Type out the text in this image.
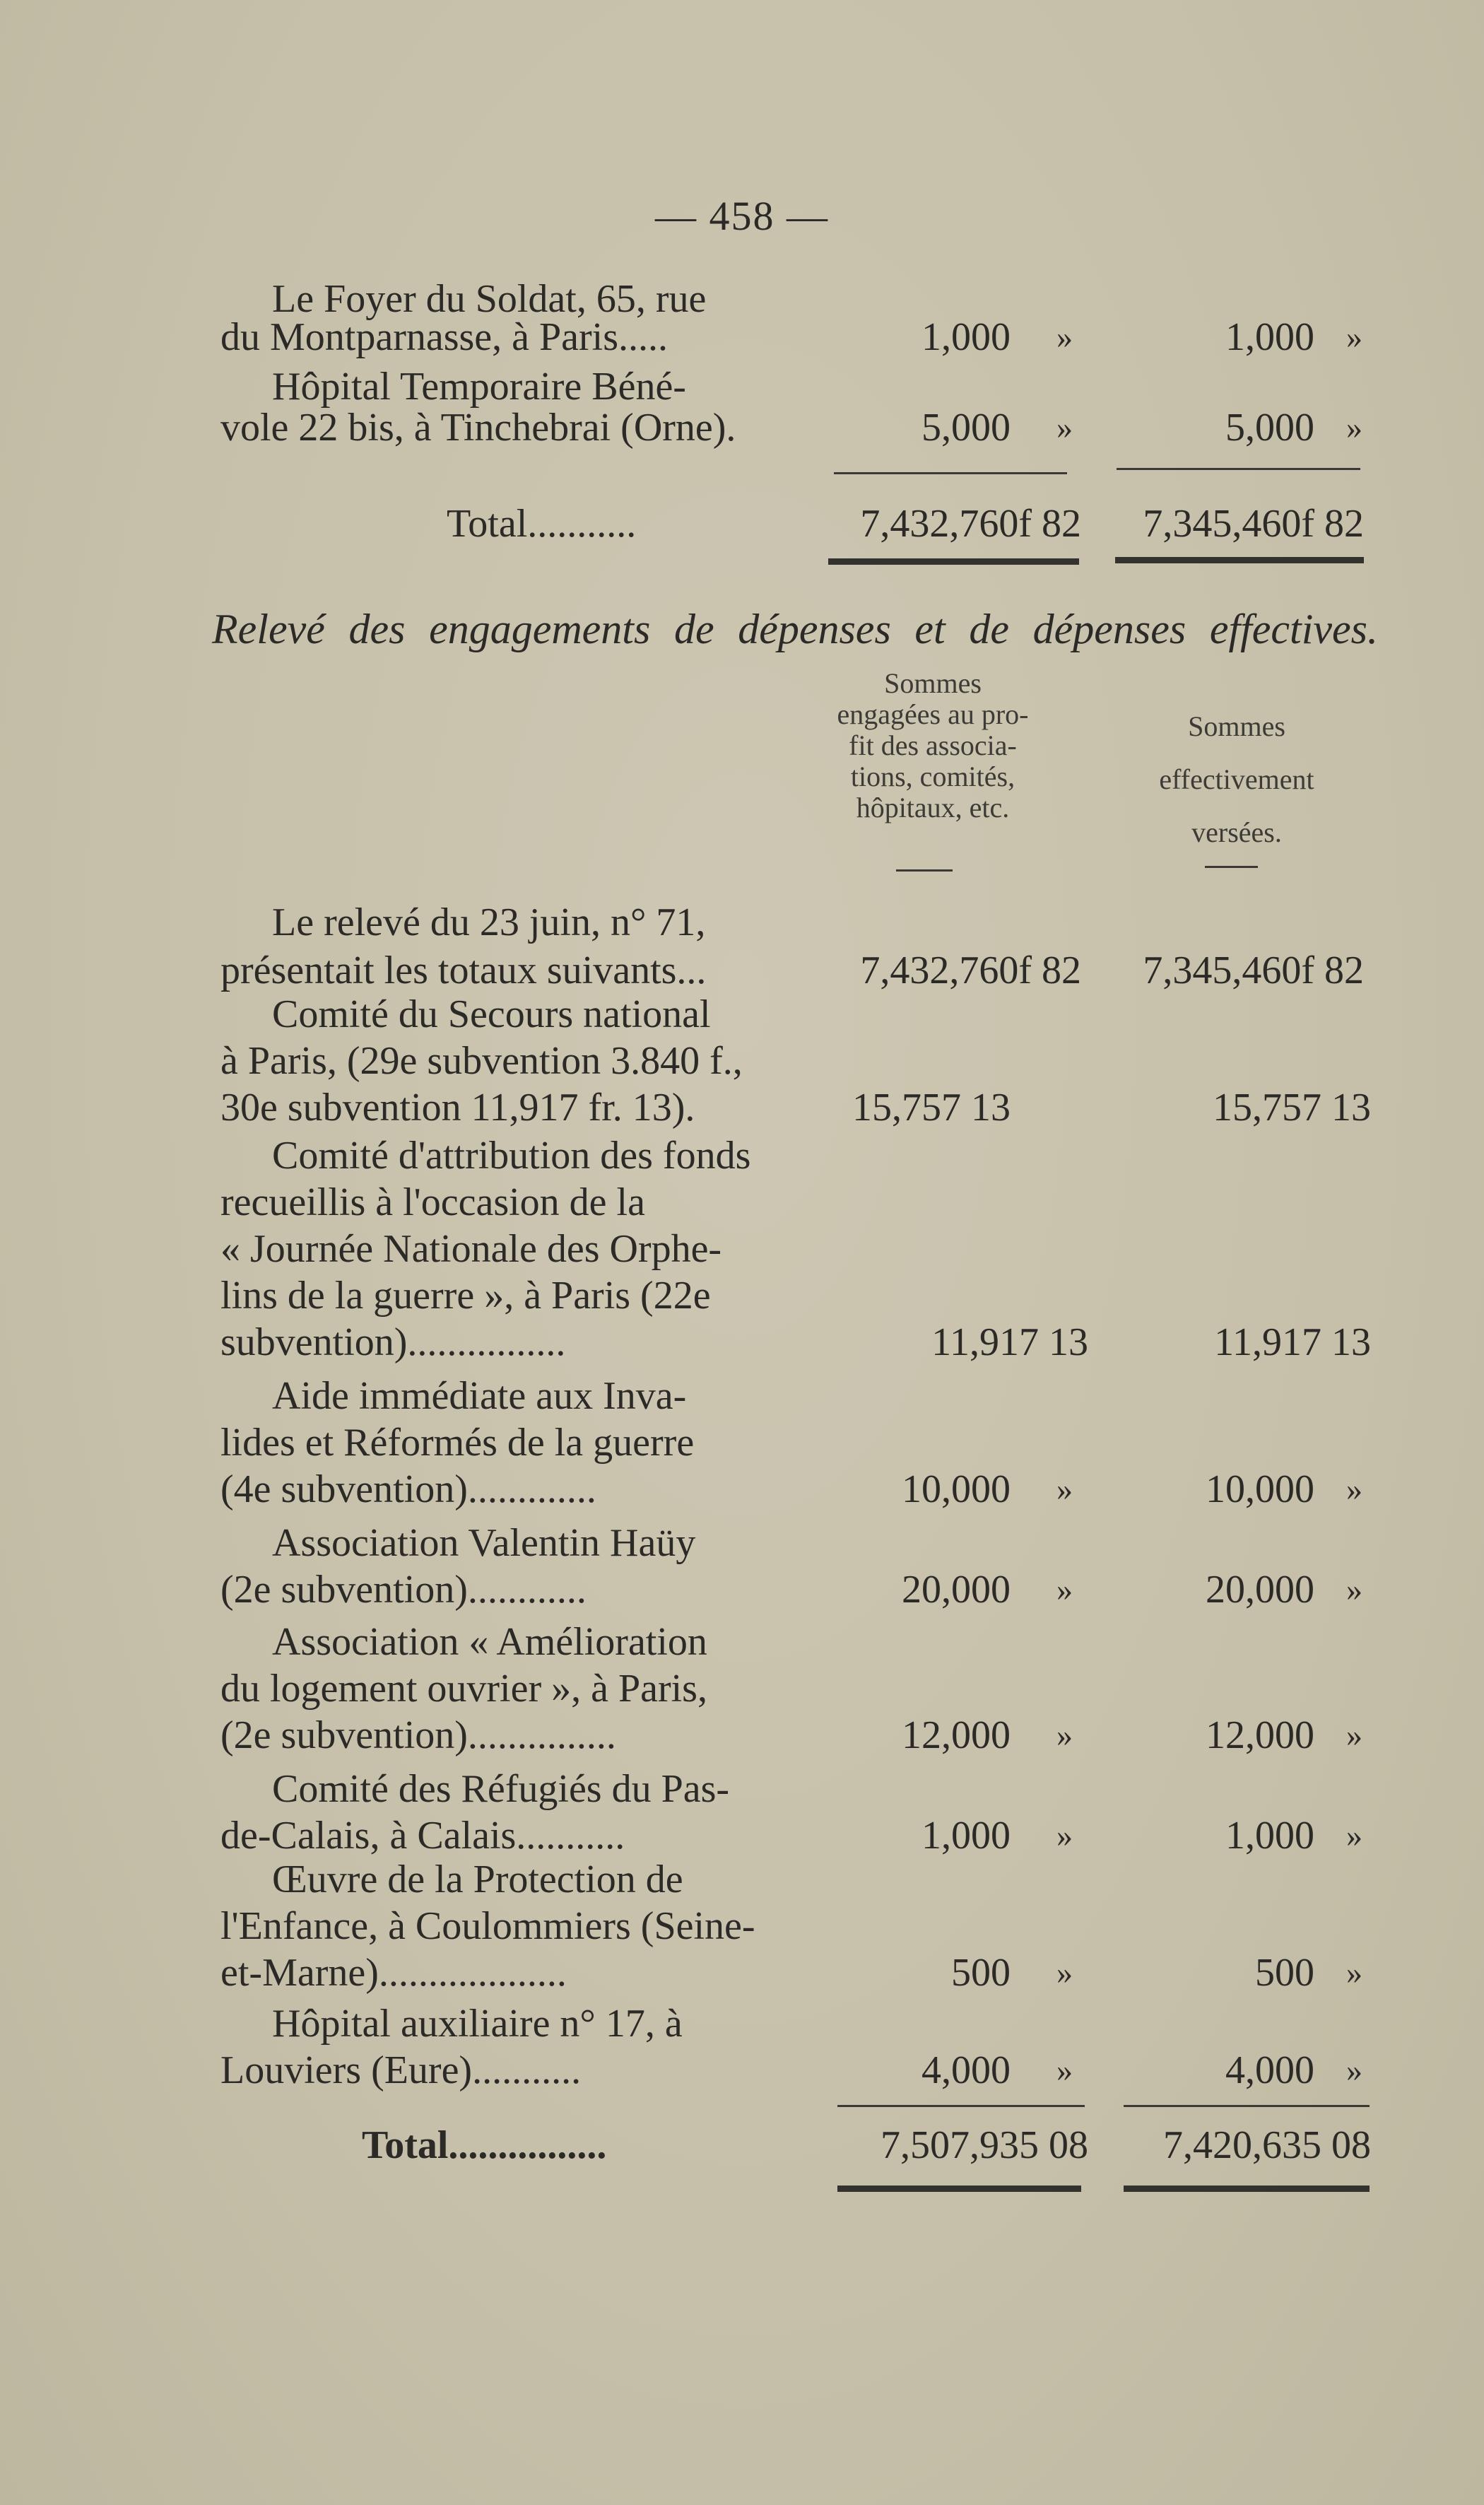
— 458 —
Le Foyer du Soldat, 65, rue
du Montparnasse, à Paris.....	1,000 »	1,000 »
Hôpital Temporaire Béné-
vole 22 bis, à Tinchebrai (Orne).	5,000 »	5,000 »
Total...........	7,432,760f 82	7,345,460f 82
Relevé des engagements de dépenses et de dépenses effectives.
Sommes
engagées au pro-
fit des associa-
tions, comités,
hôpitaux, etc.
Sommes
effectivement
versées.
Le relevé du 23 juin, n° 71,
présentait les totaux suivants...	7,432,760f 82	7,345,460f 82
Comité du Secours national
à Paris, (29e subvention 3.840 f.,
30e subvention 11,917 fr. 13).	15,757 13	15,757 13
Comité d'attribution des fonds
recueillis à l'occasion de la
« Journée Nationale des Orphe-
lins de la guerre », à Paris (22e
subvention)................	11,917 13	11,917 13
Aide immédiate aux Inva-
lides et Réformés de la guerre
(4e subvention).............	10,000 »	10,000 »
Association Valentin Haüy
(2e subvention)............	20,000 »	20,000 »
Association « Amélioration
du logement ouvrier », à Paris,
(2e subvention)...............	12,000 »	12,000 »
Comité des Réfugiés du Pas-
de-Calais, à Calais...........	1,000 »	1,000 »
Œuvre de la Protection de
l'Enfance, à Coulommiers (Seine-
et-Marne)...................	500 »	500 »
Hôpital auxiliaire n° 17, à
Louviers (Eure)...........	4,000 »	4,000 »
Total................	7,507,935 08	7,420,635 08
